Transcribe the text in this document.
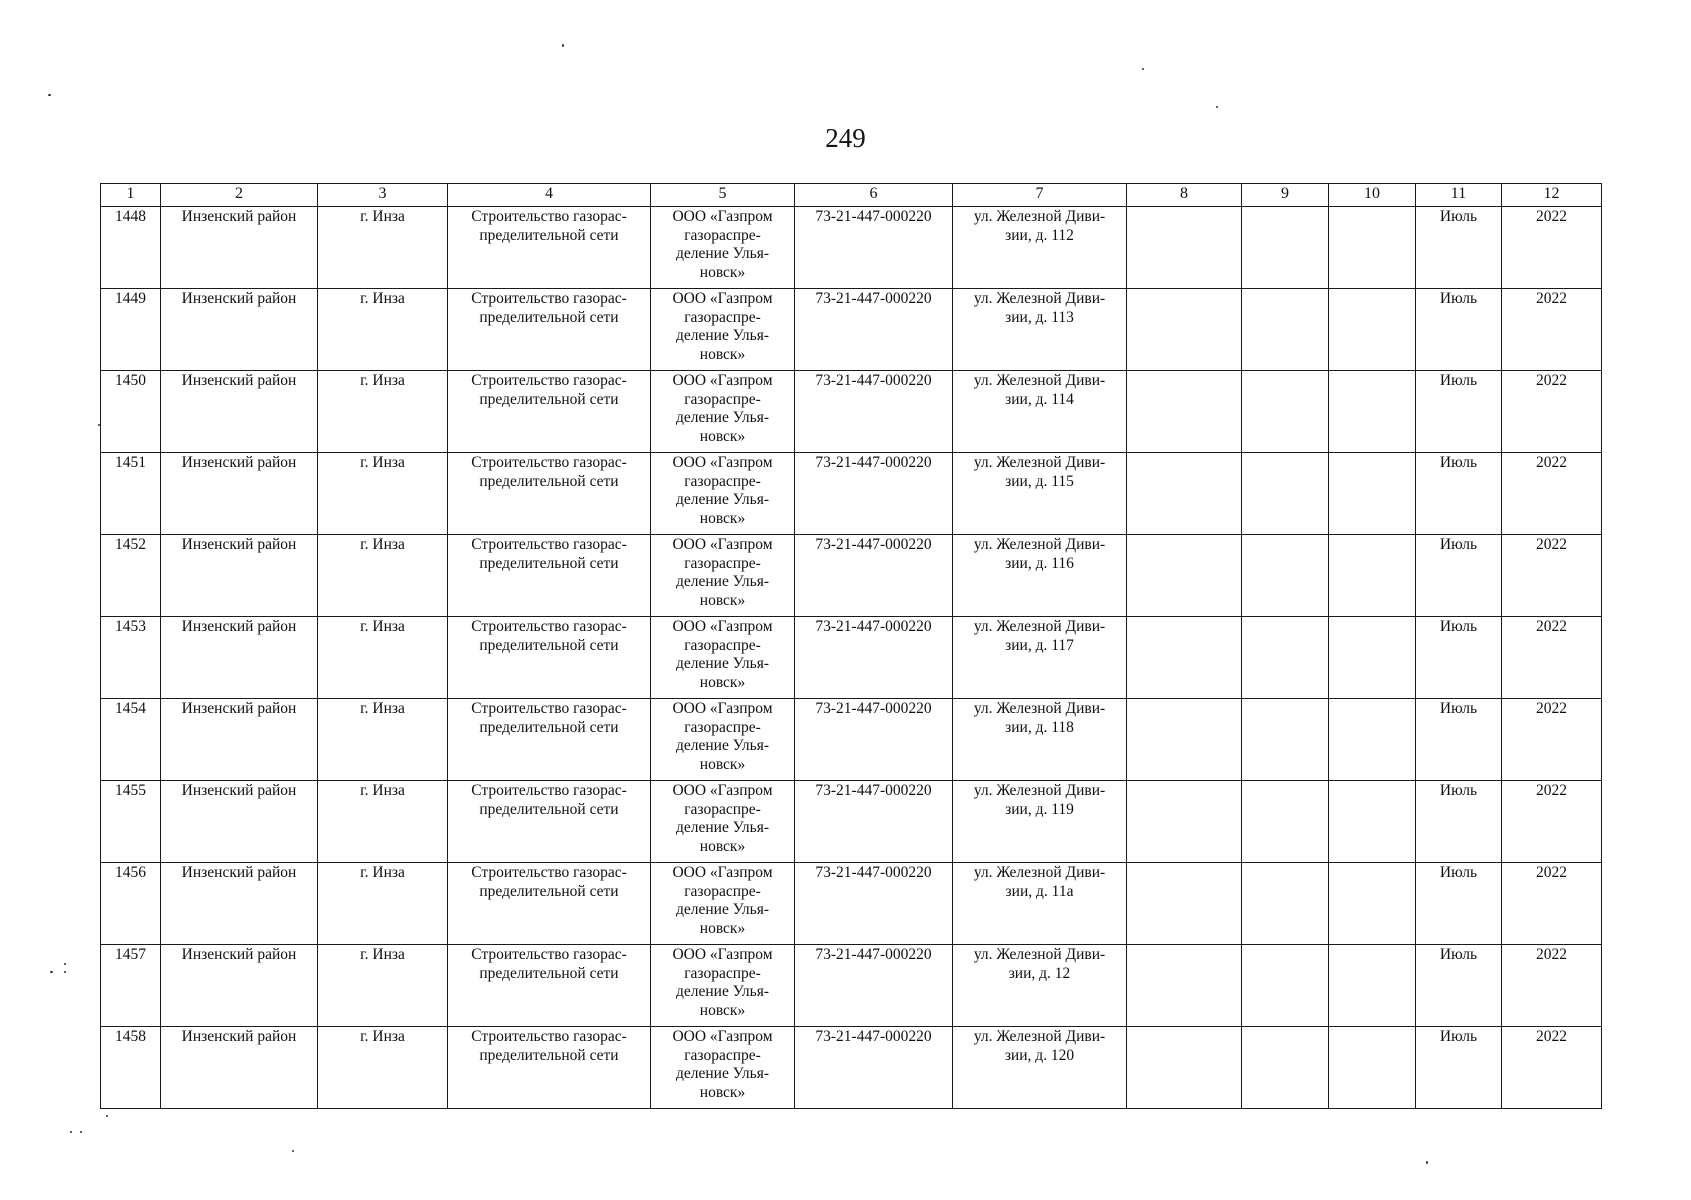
249
1	2	3	4	5	6	7	8	9	10	11	12
1448	Инзенский район	г. Инза	Строительство газорас-
пределительной сети	ООО «Газпром
газораспре-
деление Улья-
новск»	73-21-447-000220	ул. Железной Диви-
зии, д. 112				Июль	2022
1449	Инзенский район	г. Инза	Строительство газорас-
пределительной сети	ООО «Газпром
газораспре-
деление Улья-
новск»	73-21-447-000220	ул. Железной Диви-
зии, д. 113				Июль	2022
1450	Инзенский район	г. Инза	Строительство газорас-
пределительной сети	ООО «Газпром
газораспре-
деление Улья-
новск»	73-21-447-000220	ул. Железной Диви-
зии, д. 114				Июль	2022
1451	Инзенский район	г. Инза	Строительство газорас-
пределительной сети	ООО «Газпром
газораспре-
деление Улья-
новск»	73-21-447-000220	ул. Железной Диви-
зии, д. 115				Июль	2022
1452	Инзенский район	г. Инза	Строительство газорас-
пределительной сети	ООО «Газпром
газораспре-
деление Улья-
новск»	73-21-447-000220	ул. Железной Диви-
зии, д. 116				Июль	2022
1453	Инзенский район	г. Инза	Строительство газорас-
пределительной сети	ООО «Газпром
газораспре-
деление Улья-
новск»	73-21-447-000220	ул. Железной Диви-
зии, д. 117				Июль	2022
1454	Инзенский район	г. Инза	Строительство газорас-
пределительной сети	ООО «Газпром
газораспре-
деление Улья-
новск»	73-21-447-000220	ул. Железной Диви-
зии, д. 118				Июль	2022
1455	Инзенский район	г. Инза	Строительство газорас-
пределительной сети	ООО «Газпром
газораспре-
деление Улья-
новск»	73-21-447-000220	ул. Железной Диви-
зии, д. 119				Июль	2022
1456	Инзенский район	г. Инза	Строительство газорас-
пределительной сети	ООО «Газпром
газораспре-
деление Улья-
новск»	73-21-447-000220	ул. Железной Диви-
зии, д. 11а				Июль	2022
1457	Инзенский район	г. Инза	Строительство газорас-
пределительной сети	ООО «Газпром
газораспре-
деление Улья-
новск»	73-21-447-000220	ул. Железной Диви-
зии, д. 12				Июль	2022
1458	Инзенский район	г. Инза	Строительство газорас-
пределительной сети	ООО «Газпром
газораспре-
деление Улья-
новск»	73-21-447-000220	ул. Железной Диви-
зии, д. 120				Июль	2022
